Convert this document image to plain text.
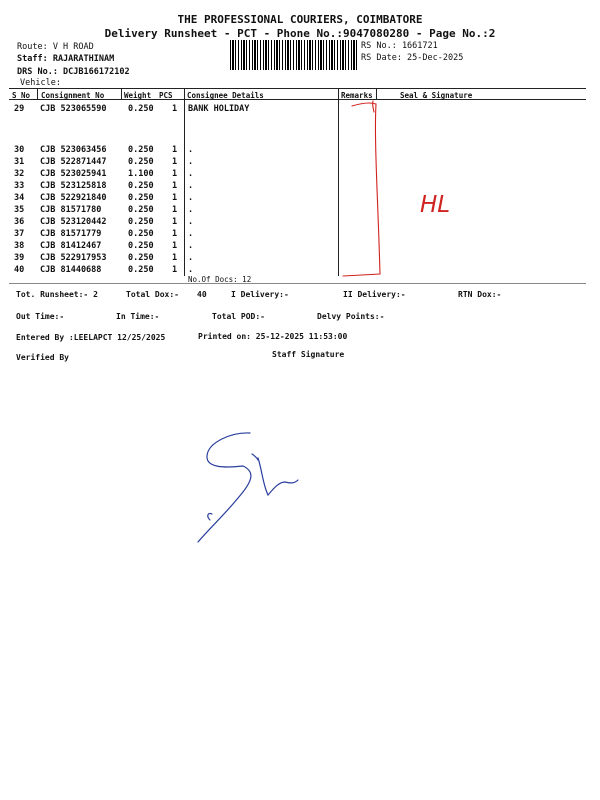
THE PROFESSIONAL COURIERS, COIMBATORE
Delivery Runsheet - PCT - Phone No.:9047080280 - Page No.:2
Route: V H ROAD
Staff: RAJARATHINAM
DRS No.: DCJB166172102
Vehicle:
RS No.: 1661721
RS Date: 25-Dec-2025
S No Consignment No	Weight PCS Consignee Details	Remarks	Seal & Signature
29 CJB 523065590	0.250 1 BANK HOLIDAY
30 CJB 523063456	0.250 1 .
31 CJB 522871447	0.250 1 .
32 CJB 523025941	1.100 1 .
33 CJB 523125818	0.250 1 .
34 CJB 522921840	0.250 1 .
35 CJB 81571780	0.250 1 .
36 CJB 523120442	0.250 1 .
37 CJB 81571779	0.250 1 .
38 CJB 81412467	0.250 1 .
39 CJB 522917953	0.250 1 .
40 CJB 81440688	0.250 1 .
No.Of Docs: 12
Tot. Runsheet:- 2	Total Dox:- 40	I Delivery:-	II Delivery:-	RTN Dox:-
Out Time:-	In Time:-	Total POD:-	Delvy Points:-
Entered By :LEELAPCT 12/25/2025	Printed on: 25-12-2025 11:53:00
Verified By	Staff Signature
HL
